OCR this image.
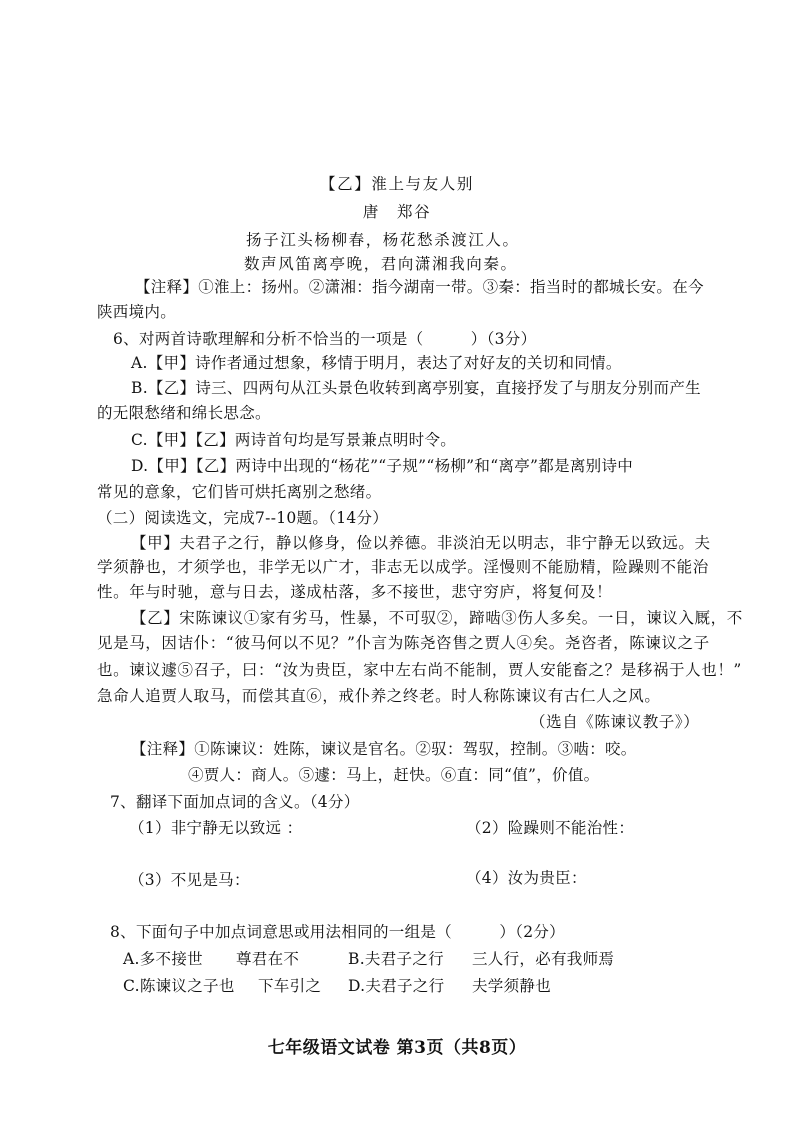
【乙】淮上与友人别
唐　郑谷
扬子江头杨柳春，杨花愁杀渡江人。
数声风笛离亭晚，君向潇湘我向秦。
【注释】①淮上：扬州。②潇湘：指今湖南一带。③秦：指当时的都城长安。在今
陕西境内。
6、对两首诗歌理解和分析不恰当的一项是（　　　）（3分）
A.【甲】诗作者通过想象，移情于明月，表达了对好友的关切和同情。
B.【乙】诗三、四两句从江头景色收转到离亭别宴，直接抒发了与朋友分别而产生
的无限愁绪和绵长思念。
C.【甲】【乙】两诗首句均是写景兼点明时令。
D.【甲】【乙】两诗中出现的“杨花”“子规”“杨柳”和“离亭”都是离别诗中
常见的意象，它们皆可烘托离别之愁绪。
（二）阅读选文，完成7--10题。（14分）
【甲】夫君子之行，静以修身，俭以养德。非淡泊无以明志，非宁静无以致远。夫
学须静也，才须学也，非学无以广才，非志无以成学。淫慢则不能励精，险躁则不能治
性。年与时驰，意与日去，遂成枯落，多不接世，悲守穷庐，将复何及！
【乙】宋陈谏议①家有劣马，性暴，不可驭②，蹄啮③伤人多矣。一日，谏议入厩，不
见是马，因诘仆：“彼马何以不见？”仆言为陈尧咨售之贾人④矣。尧咨者，陈谏议之子
也。谏议遽⑤召子，曰：“汝为贵臣，家中左右尚不能制，贾人安能畜之？是移祸于人也！”
急命人追贾人取马，而偿其直⑥，戒仆养之终老。时人称陈谏议有古仁人之风。
（选自《陈谏议教子》）
【注释】①陈谏议：姓陈，谏议是官名。②驭：驾驭，控制。③啮：咬。
④贾人：商人。⑤遽：马上，赶快。⑥直：同“值”，价值。
7、翻译下面加点词的含义。（4分）
（1）非宁静无以致远 ：	（2）险躁则不能治性：
（3）不见是马：	（4）汝为贵臣：
8、下面句子中加点词意思或用法相同的一组是（　　　）（2分）
A.多不接世 尊君在不	B.夫君子之行 三人行，必有我师焉
C.陈谏议之子也 下车引之 D.夫君子之行 夫学须静也
七年级语文试卷 第3页（共8页）
